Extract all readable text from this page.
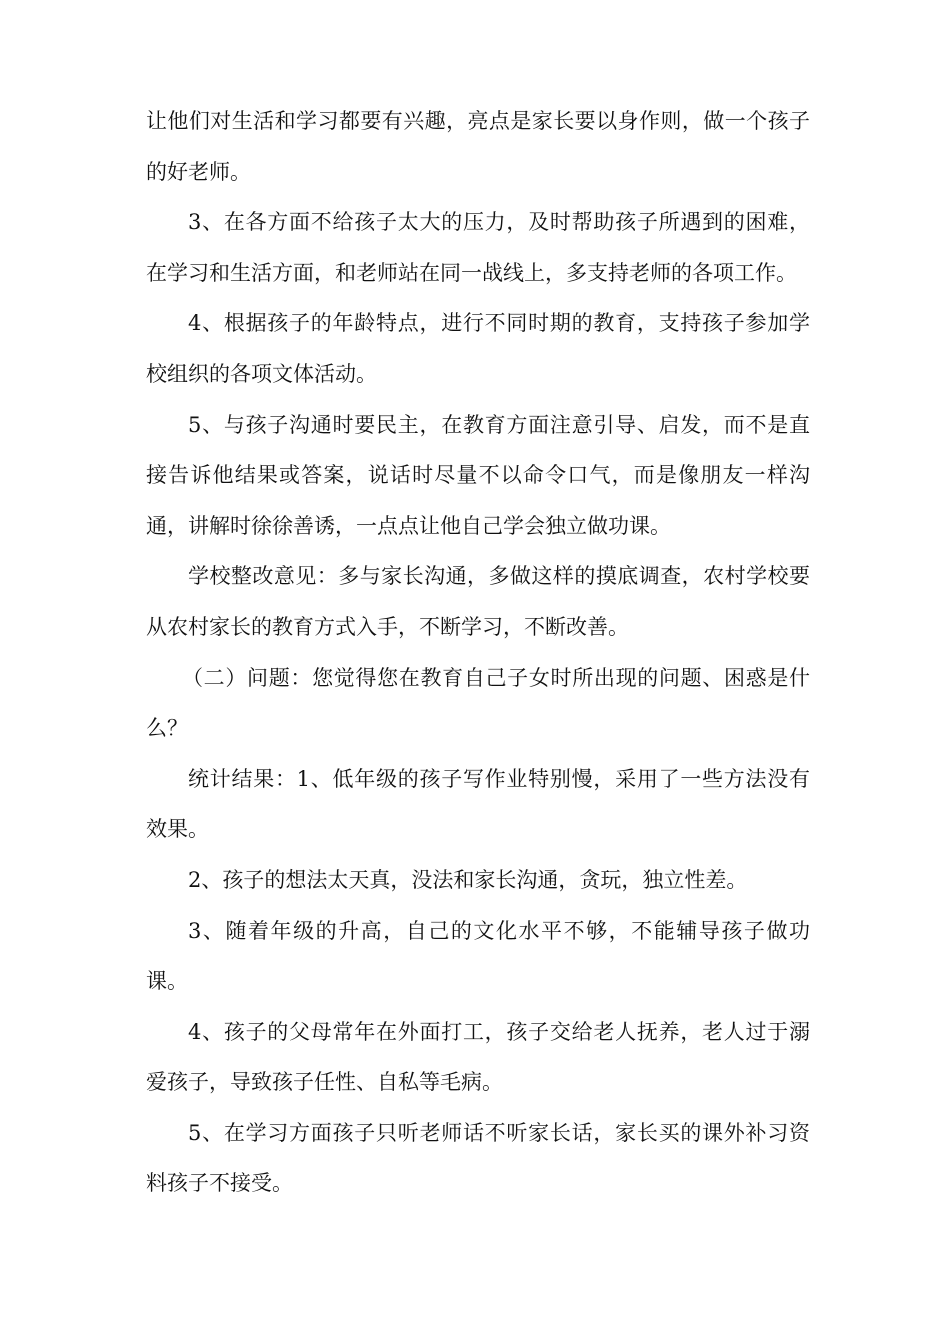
让他们对生活和学习都要有兴趣，亮点是家长要以身作则，做一个孩子的好老师。

3、在各方面不给孩子太大的压力，及时帮助孩子所遇到的困难，在学习和生活方面，和老师站在同一战线上，多支持老师的各项工作。

4、根据孩子的年龄特点，进行不同时期的教育，支持孩子参加学校组织的各项文体活动。

5、与孩子沟通时要民主，在教育方面注意引导、启发，而不是直接告诉他结果或答案，说话时尽量不以命令口气，而是像朋友一样沟通，讲解时徐徐善诱，一点点让他自己学会独立做功课。

学校整改意见：多与家长沟通，多做这样的摸底调查，农村学校要从农村家长的教育方式入手，不断学习，不断改善。

（二）问题：您觉得您在教育自己子女时所出现的问题、困惑是什么？

统计结果：1、低年级的孩子写作业特别慢，采用了一些方法没有效果。

2、孩子的想法太天真，没法和家长沟通，贪玩，独立性差。

3、随着年级的升高，自己的文化水平不够，不能辅导孩子做功课。

4、孩子的父母常年在外面打工，孩子交给老人抚养，老人过于溺爱孩子，导致孩子任性、自私等毛病。

5、在学习方面孩子只听老师话不听家长话，家长买的课外补习资料孩子不接受。
